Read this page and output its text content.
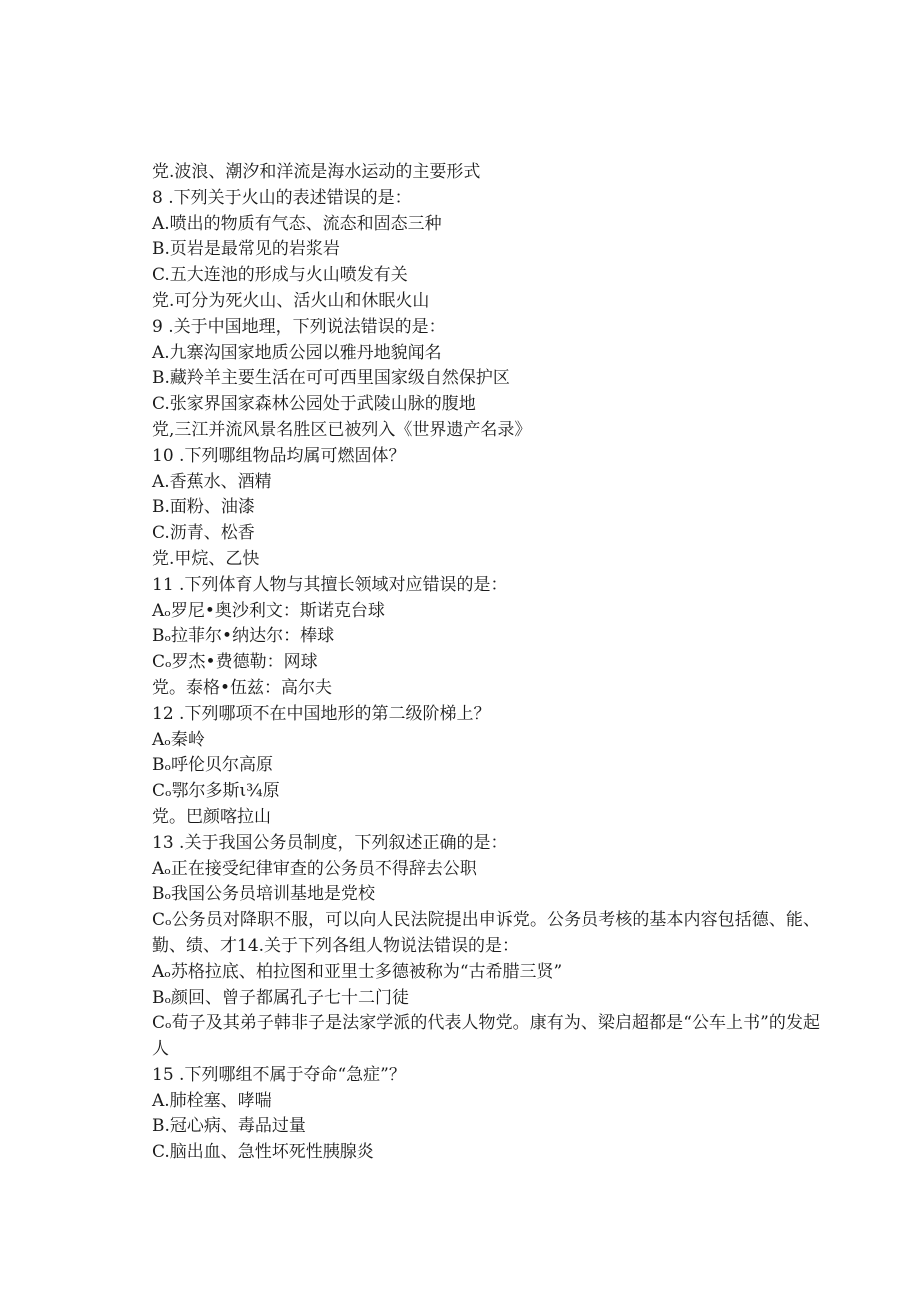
党.波浪、潮汐和洋流是海水运动的主要形式

8 .下列关于火山的表述错误的是：

A.喷出的物质有气态、流态和固态三种

B.页岩是最常见的岩浆岩

C.五大连池的形成与火山喷发有关

党.可分为死火山、活火山和休眠火山

9 .关于中国地理，下列说法错误的是：

A.九寨沟国家地质公园以雅丹地貌闻名

B.藏羚羊主要生活在可可西里国家级自然保护区

C.张家界国家森林公园处于武陵山脉的腹地

党,三江并流风景名胜区已被列入《世界遗产名录》

10 .下列哪组物品均属可燃固体？

A.香蕉水、酒精

B.面粉、油漆

C.沥青、松香

党.甲烷、乙快

11 .下列体育人物与其擅长领域对应错误的是：

Aₒ罗尼•奥沙利文：斯诺克台球

Bₒ拉菲尔•纳达尔：棒球

Cₒ罗杰•费德勒：网球

党。泰格•伍兹：高尔夫

12 .下列哪项不在中国地形的第二级阶梯上？

Aₒ秦岭

Bₒ呼伦贝尔高原

Cₒ鄂尔多斯ι¾原

党。巴颜喀拉山

13 .关于我国公务员制度，下列叙述正确的是：

Aₒ正在接受纪律审查的公务员不得辞去公职

Bₒ我国公务员培训基地是党校

Cₒ公务员对降职不服，可以向人民法院提出申诉党。公务员考核的基本内容包括德、能、勤、绩、才14.关于下列各组人物说法错误的是：

Aₒ苏格拉底、柏拉图和亚里士多德被称为“古希腊三贤”

Bₒ颜回、曾子都属孔子七十二门徒

Cₒ荀子及其弟子韩非子是法家学派的代表人物党。康有为、梁启超都是“公车上书”的发起人

15 .下列哪组不属于夺命“急症”？

A.肺栓塞、哮喘

B.冠心病、毒品过量

C.脑出血、急性坏死性胰腺炎
